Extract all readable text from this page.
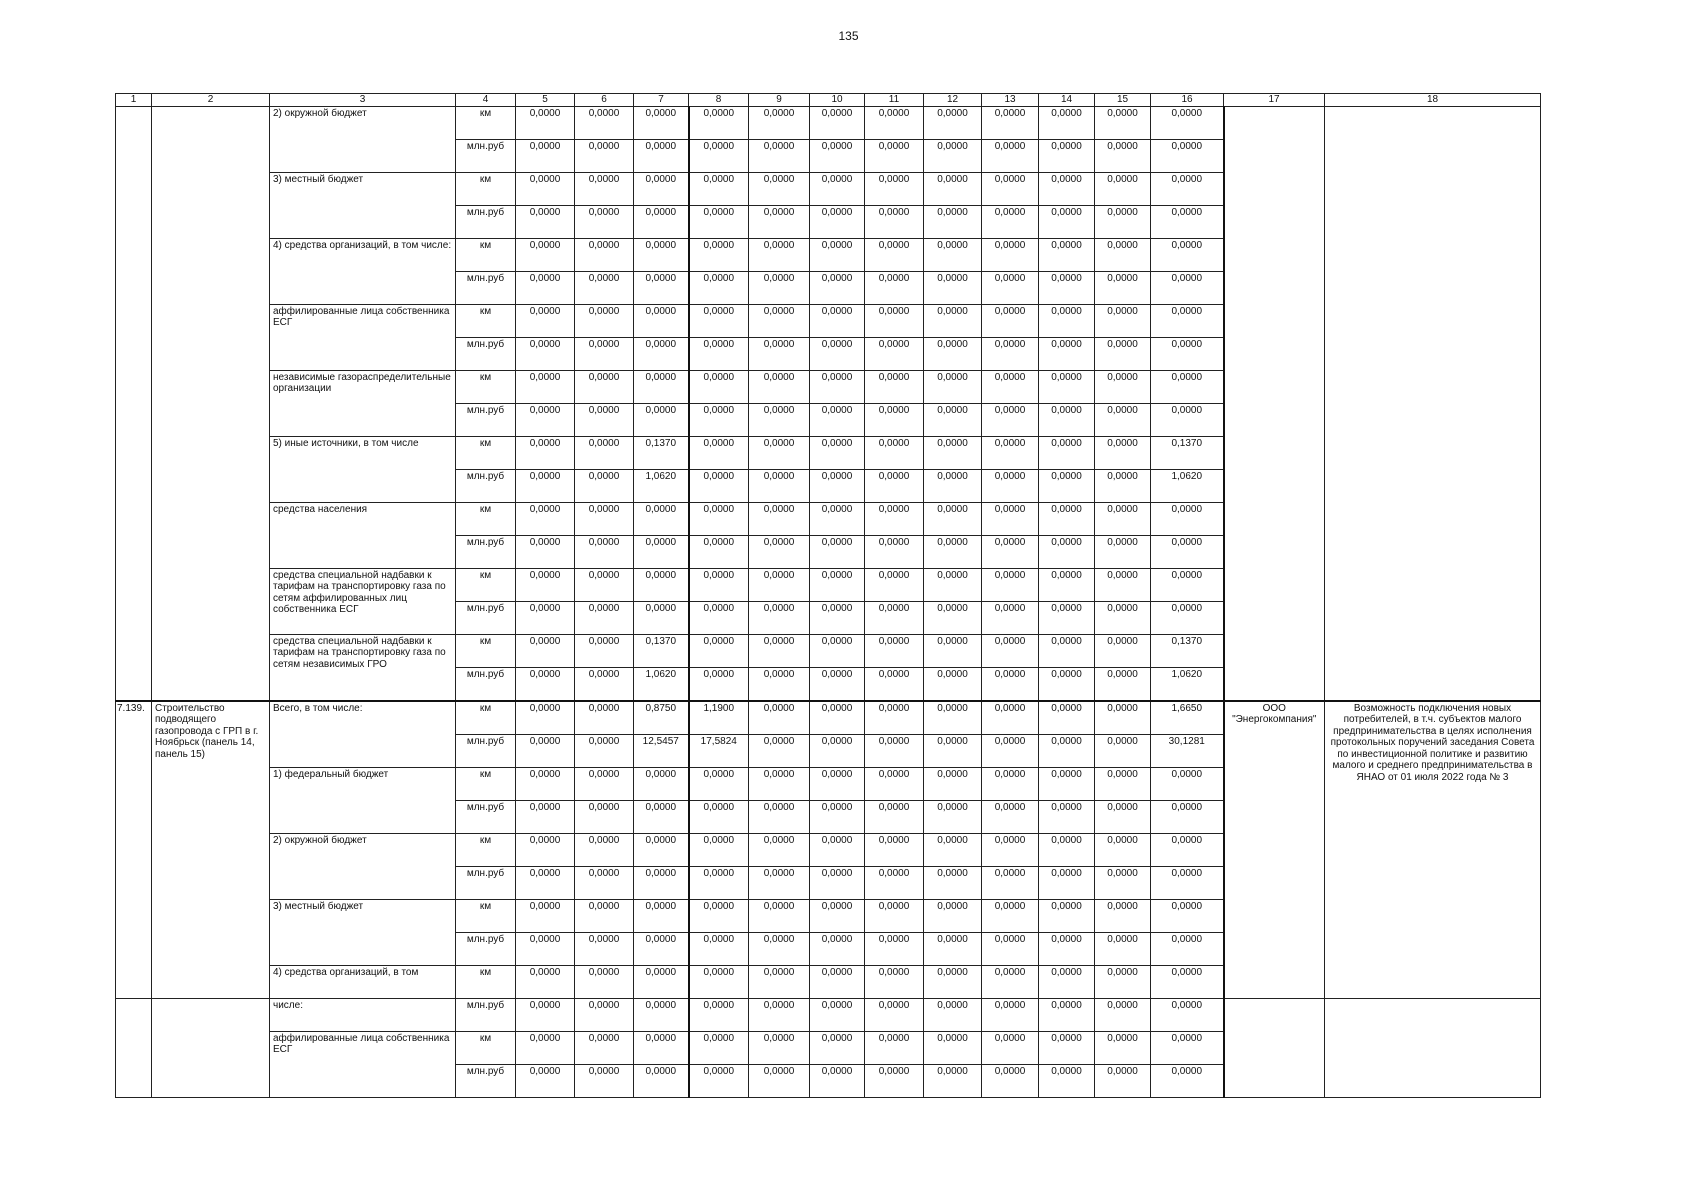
135
1	2	3	4	5	6	7	8	9	10	11	12	13	14	15	16	17	18
		2) окружной бюджет	км	0,0000	0,0000	0,0000	0,0000	0,0000	0,0000	0,0000	0,0000	0,0000	0,0000	0,0000	0,0000		
			млн.руб	0,0000	0,0000	0,0000	0,0000	0,0000	0,0000	0,0000	0,0000	0,0000	0,0000	0,0000	0,0000		
		3) местный бюджет	км	0,0000	0,0000	0,0000	0,0000	0,0000	0,0000	0,0000	0,0000	0,0000	0,0000	0,0000	0,0000		
			млн.руб	0,0000	0,0000	0,0000	0,0000	0,0000	0,0000	0,0000	0,0000	0,0000	0,0000	0,0000	0,0000		
		4) средства организаций, в том числе:	км	0,0000	0,0000	0,0000	0,0000	0,0000	0,0000	0,0000	0,0000	0,0000	0,0000	0,0000	0,0000		
			млн.руб	0,0000	0,0000	0,0000	0,0000	0,0000	0,0000	0,0000	0,0000	0,0000	0,0000	0,0000	0,0000		
		аффилированные лица собственника ЕСГ	км	0,0000	0,0000	0,0000	0,0000	0,0000	0,0000	0,0000	0,0000	0,0000	0,0000	0,0000	0,0000		
			млн.руб	0,0000	0,0000	0,0000	0,0000	0,0000	0,0000	0,0000	0,0000	0,0000	0,0000	0,0000	0,0000		
		независимые газораспределительные организации	км	0,0000	0,0000	0,0000	0,0000	0,0000	0,0000	0,0000	0,0000	0,0000	0,0000	0,0000	0,0000		
			млн.руб	0,0000	0,0000	0,0000	0,0000	0,0000	0,0000	0,0000	0,0000	0,0000	0,0000	0,0000	0,0000		
		5) иные источники, в том числе	км	0,0000	0,0000	0,1370	0,0000	0,0000	0,0000	0,0000	0,0000	0,0000	0,0000	0,0000	0,1370		
			млн.руб	0,0000	0,0000	1,0620	0,0000	0,0000	0,0000	0,0000	0,0000	0,0000	0,0000	0,0000	1,0620		
		средства населения	км	0,0000	0,0000	0,0000	0,0000	0,0000	0,0000	0,0000	0,0000	0,0000	0,0000	0,0000	0,0000		
			млн.руб	0,0000	0,0000	0,0000	0,0000	0,0000	0,0000	0,0000	0,0000	0,0000	0,0000	0,0000	0,0000		
		средства специальной надбавки к тарифам на транспортировку газа по сетям аффилированных лиц собственника ЕСГ	км	0,0000	0,0000	0,0000	0,0000	0,0000	0,0000	0,0000	0,0000	0,0000	0,0000	0,0000	0,0000		
			млн.руб	0,0000	0,0000	0,0000	0,0000	0,0000	0,0000	0,0000	0,0000	0,0000	0,0000	0,0000	0,0000		
		средства специальной надбавки к тарифам на транспортировку газа по сетям независимых ГРО	км	0,0000	0,0000	0,1370	0,0000	0,0000	0,0000	0,0000	0,0000	0,0000	0,0000	0,0000	0,1370		
			млн.руб	0,0000	0,0000	1,0620	0,0000	0,0000	0,0000	0,0000	0,0000	0,0000	0,0000	0,0000	1,0620		
7.139.	Строительство подводящего газопровода с ГРП в г. Ноябрьск (панель 14, панель 15)	Всего, в том числе:	км	0,0000	0,0000	0,8750	1,1900	0,0000	0,0000	0,0000	0,0000	0,0000	0,0000	0,0000	1,6650	ООО "Энергокомпания"	Возможность подключения новых потребителей, в т.ч. субъектов малого предпринимательства в целях исполнения протокольных поручений заседания Совета по инвестиционной политике и развитию малого и среднего предпринимательства в ЯНАО от 01 июля 2022 года № 3
			млн.руб	0,0000	0,0000	12,5457	17,5824	0,0000	0,0000	0,0000	0,0000	0,0000	0,0000	0,0000	30,1281		
		1) федеральный бюджет	км	0,0000	0,0000	0,0000	0,0000	0,0000	0,0000	0,0000	0,0000	0,0000	0,0000	0,0000	0,0000		
			млн.руб	0,0000	0,0000	0,0000	0,0000	0,0000	0,0000	0,0000	0,0000	0,0000	0,0000	0,0000	0,0000		
		2) окружной бюджет	км	0,0000	0,0000	0,0000	0,0000	0,0000	0,0000	0,0000	0,0000	0,0000	0,0000	0,0000	0,0000		
			млн.руб	0,0000	0,0000	0,0000	0,0000	0,0000	0,0000	0,0000	0,0000	0,0000	0,0000	0,0000	0,0000		
		3) местный бюджет	км	0,0000	0,0000	0,0000	0,0000	0,0000	0,0000	0,0000	0,0000	0,0000	0,0000	0,0000	0,0000		
			млн.руб	0,0000	0,0000	0,0000	0,0000	0,0000	0,0000	0,0000	0,0000	0,0000	0,0000	0,0000	0,0000		
		4) средства организаций, в том	км	0,0000	0,0000	0,0000	0,0000	0,0000	0,0000	0,0000	0,0000	0,0000	0,0000	0,0000	0,0000		
		числе:	млн.руб	0,0000	0,0000	0,0000	0,0000	0,0000	0,0000	0,0000	0,0000	0,0000	0,0000	0,0000	0,0000		
		аффилированные лица собственника ЕСГ	км	0,0000	0,0000	0,0000	0,0000	0,0000	0,0000	0,0000	0,0000	0,0000	0,0000	0,0000	0,0000		
			млн.руб	0,0000	0,0000	0,0000	0,0000	0,0000	0,0000	0,0000	0,0000	0,0000	0,0000	0,0000	0,0000		
